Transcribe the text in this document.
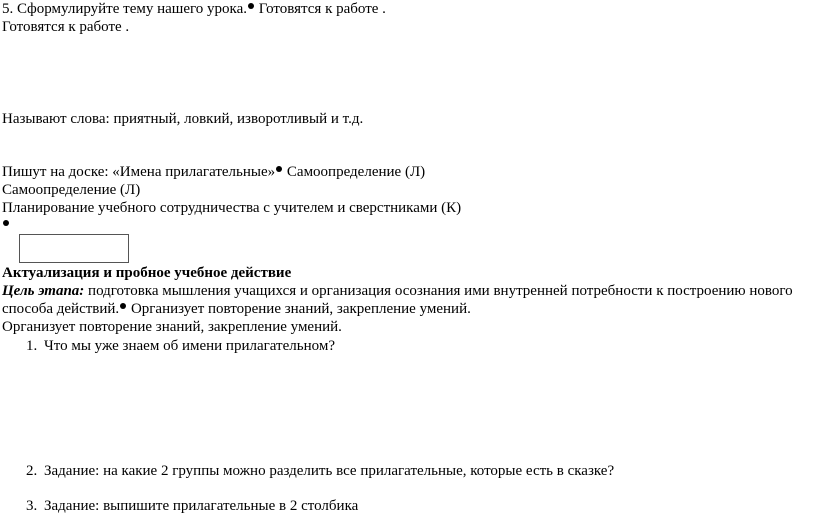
5. Сформулируйте тему нашего урока. Готовятся к работе .
Готовятся к работе .
Называют слова: приятный, ловкий, изворотливый и т.д.
Пишут на доске: «Имена прилагательные» Самоопределение (Л)
Самоопределение (Л)
Планирование учебного сотрудничества с учителем и сверстниками (К)
Актуализация и пробное учебное действие
Цель этапа: подготовка мышления учащихся и организация осознания ими внутренней потребности к построению нового
способа действий. Организует повторение знаний, закрепление умений.
Организует повторение знаний, закрепление умений.
1. Что мы уже знаем об имени прилагательном?
2. Задание: на какие 2 группы можно разделить все прилагательные, которые есть в сказке?
3. Задание: выпишите прилагательные в 2 столбика
